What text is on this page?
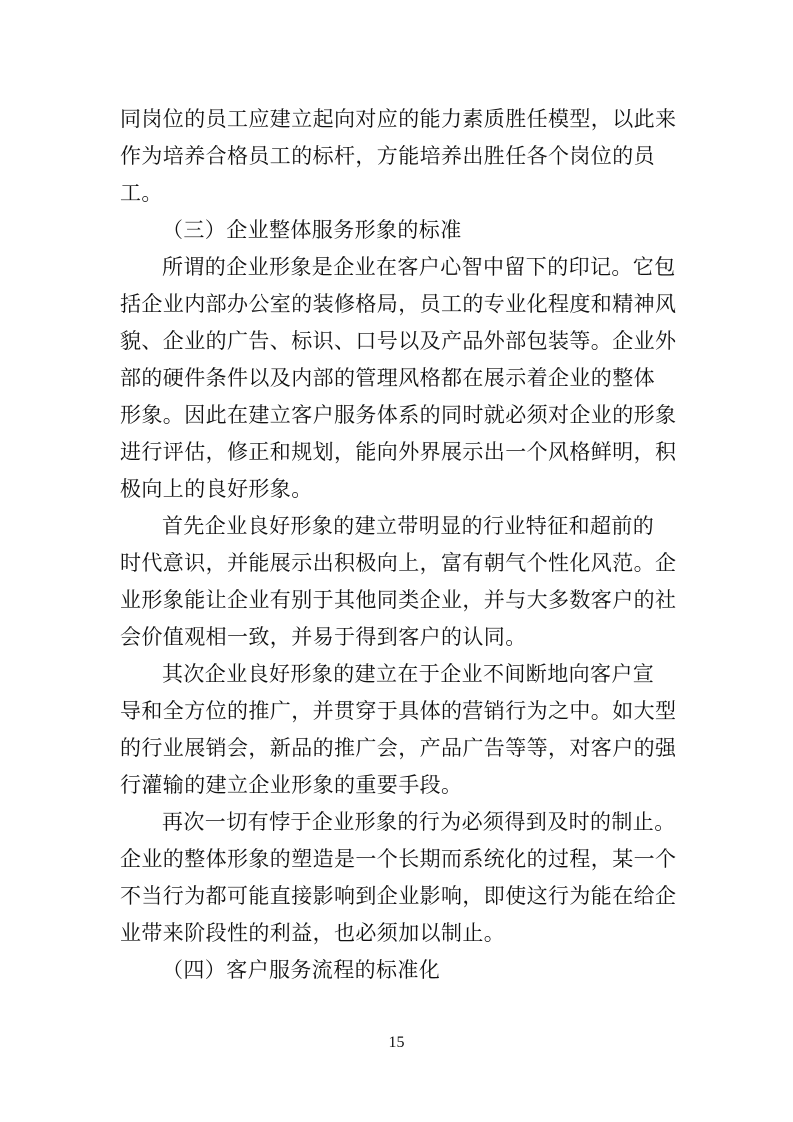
同岗位的员工应建立起向对应的能力素质胜任模型，以此来
作为培养合格员工的标杆，方能培养出胜任各个岗位的员
工。
（三）企业整体服务形象的标准
所谓的企业形象是企业在客户心智中留下的印记。它包
括企业内部办公室的装修格局，员工的专业化程度和精神风
貌、企业的广告、标识、口号以及产品外部包装等。企业外
部的硬件条件以及内部的管理风格都在展示着企业的整体
形象。因此在建立客户服务体系的同时就必须对企业的形象
进行评估，修正和规划，能向外界展示出一个风格鲜明，积
极向上的良好形象。
首先企业良好形象的建立带明显的行业特征和超前的
时代意识，并能展示出积极向上，富有朝气个性化风范。企
业形象能让企业有别于其他同类企业，并与大多数客户的社
会价值观相一致，并易于得到客户的认同。
其次企业良好形象的建立在于企业不间断地向客户宣
导和全方位的推广，并贯穿于具体的营销行为之中。如大型
的行业展销会，新品的推广会，产品广告等等，对客户的强
行灌输的建立企业形象的重要手段。
再次一切有悖于企业形象的行为必须得到及时的制止。
企业的整体形象的塑造是一个长期而系统化的过程，某一个
不当行为都可能直接影响到企业影响，即使这行为能在给企
业带来阶段性的利益，也必须加以制止。
（四）客户服务流程的标准化
15
